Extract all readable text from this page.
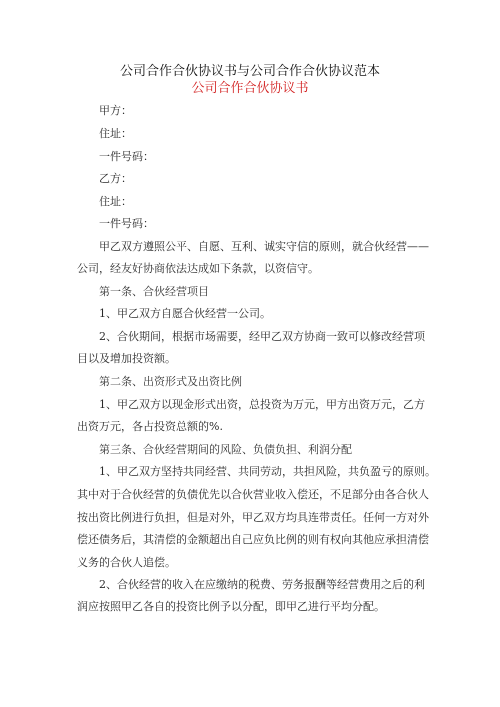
公司合作合伙协议书与公司合作合伙协议范本
公司合作合伙协议书
甲方：
住址：
一件号码：
乙方：
住址：
一件号码：
甲乙双方遵照公平、自愿、互利、诚实守信的原则，就合伙经营——
公司，经友好协商依法达成如下条款，以资信守。
第一条、合伙经营项目
1、甲乙双方自愿合伙经营一公司。
2、合伙期间，根据市场需要，经甲乙双方协商一致可以修改经营项
目以及增加投资额。
第二条、出资形式及出资比例
1、甲乙双方以现金形式出资，总投资为万元，甲方出资万元，乙方
出资万元，各占投资总额的%.
第三条、合伙经营期间的风险、负债负担、利润分配
1、甲乙双方坚持共同经营、共同劳动，共担风险，共负盈亏的原则。
其中对于合伙经营的负债优先以合伙营业收入偿还，不足部分由各合伙人
按出资比例进行负担，但是对外，甲乙双方均具连带责任。任何一方对外
偿还债务后，其清偿的金额超出自己应负比例的则有权向其他应承担清偿
义务的合伙人追偿。
2、合伙经营的收入在应缴纳的税费、劳务报酬等经营费用之后的利
润应按照甲乙各自的投资比例予以分配，即甲乙进行平均分配。
